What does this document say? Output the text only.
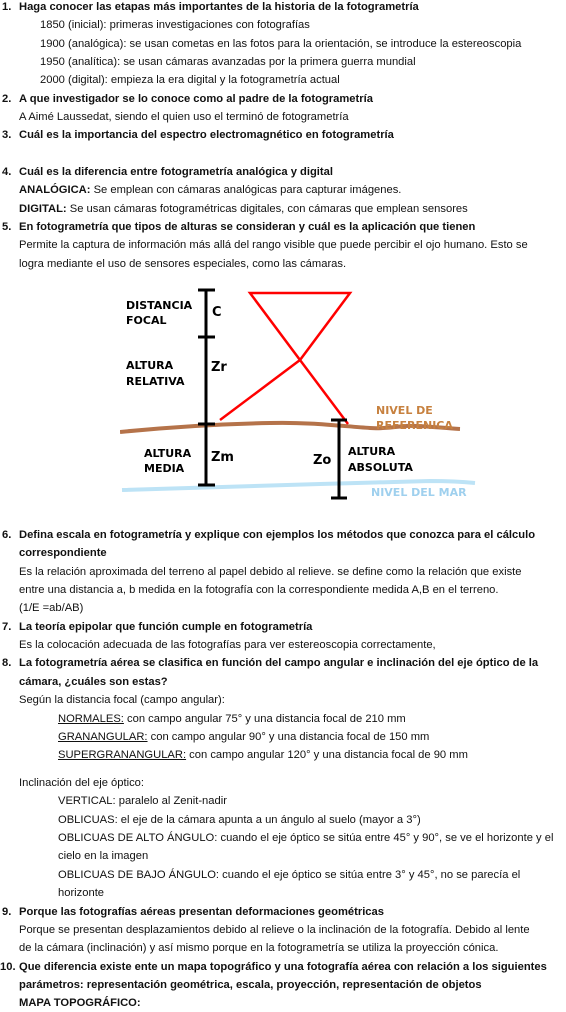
1. Haga conocer las etapas más importantes de la historia de la fotogrametría
1850 (inicial): primeras investigaciones con fotografías
1900 (analógica): se usan cometas en las fotos para la orientación, se introduce la estereoscopia
1950 (analítica): se usan cámaras avanzadas por la primera guerra mundial
2000 (digital): empieza la era digital y la fotogrametría actual
2. A que investigador se lo conoce como al padre de la fotogrametría
A Aimé Laussedat, siendo el quien uso el terminó de fotogrametría
3. Cuál es la importancia del espectro electromagnético en fotogrametría
4. Cuál es la diferencia entre fotogrametría analógica y digital
ANALÓGICA: Se emplean con cámaras analógicas para capturar imágenes.
DIGITAL: Se usan cámaras fotogramétricas digitales, con cámaras que emplean sensores
5. En fotogrametría que tipos de alturas se consideran y cuál es la aplicación que tienen
Permite la captura de información más allá del rango visible que puede percibir el ojo humano. Esto se
logra mediante el uso de sensores especiales, como las cámaras.
6. Defina escala en fotogrametría y explique con ejemplos los métodos que conozca para el cálculo
correspondiente
Es la relación aproximada del terreno al papel debido al relieve. se define como la relación que existe
entre una distancia a, b medida en la fotografía con la correspondiente medida A,B en el terreno.
(1/E =ab/AB)
7. La teoría epipolar que función cumple en fotogrametría
Es la colocación adecuada de las fotografías para ver estereoscopia correctamente,
8. La fotogrametría aérea se clasifica en función del campo angular e inclinación del eje óptico de la
cámara, ¿cuáles son estas?
Según la distancia focal (campo angular):
NORMALES: con campo angular 75° y una distancia focal de 210 mm
GRANANGULAR: con campo angular 90° y una distancia focal de 150 mm
SUPERGRANANGULAR: con campo angular 120° y una distancia focal de 90 mm
Inclinación del eje óptico:
VERTICAL: paralelo al Zenit-nadir
OBLICUAS: el eje de la cámara apunta a un ángulo al suelo (mayor a 3°)
OBLICUAS DE ALTO ÁNGULO: cuando el eje óptico se sitúa entre 45° y 90°, se ve el horizonte y el
cielo en la imagen
OBLICUAS DE BAJO ÁNGULO: cuando el eje óptico se sitúa entre 3° y 45°, no se parecía el
horizonte
9. Porque las fotografías aéreas presentan deformaciones geométricas
Porque se presentan desplazamientos debido al relieve o la inclinación de la fotografía. Debido al lente
de la cámara (inclinación) y así mismo porque en la fotogrametría se utiliza la proyección cónica.
10. Que diferencia existe ente un mapa topográfico y una fotografía aérea con relación a los siguientes
parámetros: representación geométrica, escala, proyección, representación de objetos
MAPA TOPOGRÁFICO:
DISTANCIA
FOCAL
C
ALTURA
RELATIVA
Zr
NIVEL DE
REFERENICA
ALTURA
MEDIA
Zm	Zo
ALTURA
ABSOLUTA
NIVEL DEL MAR
